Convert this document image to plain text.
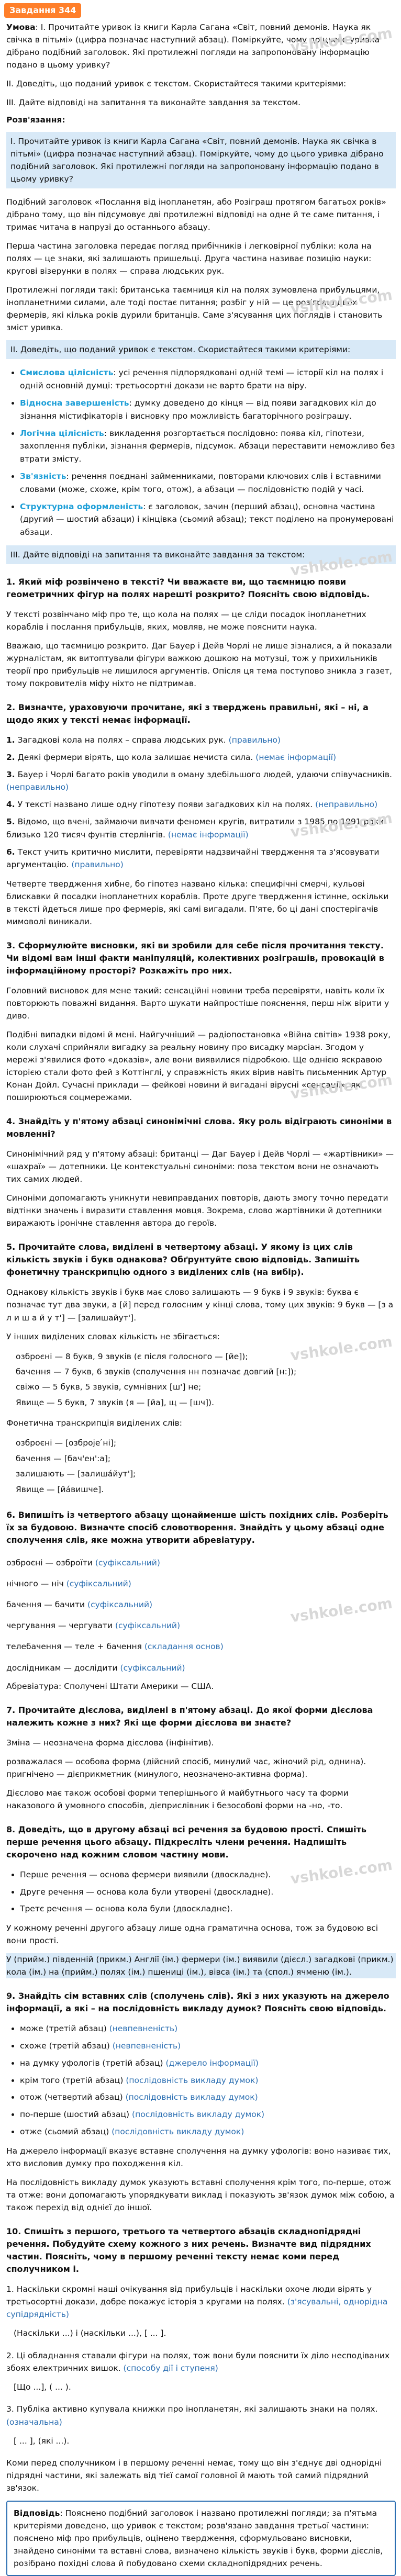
Завдання 344
vshkole.com
vshkole.com
vshkole.com
vshkole.com
vshkole.com
vshkole.com
vshkole.com
vshkole.com

Умова: І. Прочитайте уривок із книги Карла Сагана «Світ, повний демонів. Наука як свічка в пітьмі» (цифра позначає наступний абзац). Поміркуйте, чому до цього уривка дібрано подібний заголовок. Які протилежні погляди на запропоновану інформацію подано в цьому уривку?

ІІ. Доведіть, що поданий уривок є текстом. Скористайтеся такими критеріями:

ІІІ. Дайте відповіді на запитання та виконайте завдання за текстом.

Розв'язання:
І. Прочитайте уривок із книги Карла Сагана «Світ, повний демонів. Наука як свічка в пітьмі» (цифра позначає наступний абзац). Поміркуйте, чому до цього уривка дібрано подібний заголовок. Які протилежні погляди на запропоновану інформацію подано в цьому уривку?

Подібний заголовок «Послання від інопланетян, або Розіграш протягом багатьох років» дібрано тому, що він підсумовує дві протилежні відповіді на одне й те саме питання, і тримає читача в напрузі до останнього абзацу.

Перша частина заголовка передає погляд прибічників і легковірної публіки: кола на полях — це знаки, які залишають пришельці. Друга частина називає позицію науки: кругові візерунки в полях — справа людських рук.

Протилежні погляди такі: британська таємниця кіл на полях зумовлена прибульцями, інопланетними силами, але тоді постає питання; розбіг у ній — це розіграш двох фермерів, які кілька років дурили британців. Саме з'ясування цих поглядів і становить зміст уривка.

ІІ. Доведіть, що поданий уривок є текстом. Скористайтеся такими критеріями:
• Смислова цілісність: усі речення підпорядковані одній темі — історії кіл на полях і одній основній думці: третьосортні докази не варто брати на віру.
• Відносна завершеність: думку доведено до кінця — від появи загадкових кіл до зізнання містифікаторів і висновку про можливість багаторічного розіграшу.
• Логічна цілісність: викладення розгортається послідовно: поява кіл, гіпотези, захоплення публіки, зізнання фермерів, підсумок. Абзаци переставити неможливо без втрати змісту.
• Зв'язність: речення поєднані займенниками, повторами ключових слів і вставними словами (можe, схоже, крім того, отож), а абзаци — послідовністю подій у часі.
• Структурна оформленість: є заголовок, зачин (перший абзац), основна частина (другий — шостий абзаци) і кінцівка (сьомий абзац); текст поділено на пронумеровані абзаци.
ІІІ. Дайте відповіді на запитання та виконайте завдання за текстом:
1. Який міф розвінчено в тексті? Чи вважаєте ви, що таємницю появи геометричних фігур на полях нарешті розкрито? Поясніть свою відповідь.

У тексті розвінчано міф про те, що кола на полях — це сліди посадок інопланетних кораблів і послання прибульців, яких, мовляв, не може пояснити наука.

Вважаю, що таємницю розкрито. Даг Бауер і Дейв Чорлі не лише зізналися, а й показали журналістам, як витоптували фігури важкою дошкою на мотузці, тож у прихильників теорії про прибульців не лишилося аргументів. Опісля ця тема поступово зникла з газет, тому покровителів міфу ніхто не підтримав.

2. Визначте, ураховуючи прочитане, які з тверджень правильні, які – ні, а щодо яких у тексті немає інформації.
1. Загадкові кола на полях – справа людських рук. (правильно)
2. Деякі фермери вірять, що кола залишає нечиста сила. (немає інформації)
3. Бауер і Чорлі багато років уводили в оману здебільшого людей, удаючи співучасників. (неправильно)
4. У тексті названо лише одну гіпотезу появи загадкових кіл на полях. (неправильно)
5. Відомо, що вчені, займаючи вивчати феномен кругів, витратили з 1985 по 1991 роки близько 120 тисяч фунтів стерлінгів. (немає інформації)
6. Текст учить критично мислити, перевіряти надзвичайні твердження та з'ясовувати аргументацію. (правильно)

Четверте твердження хибне, бо гіпотез названо кілька: специфічні смерчі, кульові блискавки й посадки інопланетних кораблів. Проте друге твердження істинне, оскільки в тексті йдеться лише про фермерів, які самі вигадали. П'яте, бо ці дані спостерігачів мимоволі виникали.

3. Сформулюйте висновки, які ви зробили для себе після прочитання тексту. Чи відомі вам інші факти маніпуляцій, колективних розіграшів, провокацій в інформаційному просторі? Розкажіть про них.

Головний висновок для мене такий: сенсаційні новини треба перевіряти, навіть коли їх повторюють поважні видання. Варто шукати найпростіше пояснення, перш ніж вірити у диво.

Подібні випадки відомі й мені. Найгучніший — радіопостановка «Війна світів» 1938 року, коли слухачі сприйняли вигадку за реальну новину про висадку марсіан. Згодом у мережі з'явилися фото «доказів», але вони виявилися підробкою. Ще однією яскравою історією стали фото фей з Коттінглі, у справжність яких вірив навіть письменник Артур Конан Дойл. Сучасні приклади — фейкові новини й вигадані вірусні «сенсації», які поширюються соцмережами.

4. Знайдіть у п'ятому абзаці синонімічні слова. Яку роль відіграють синоніми в мовленні?

Синонімічний ряд у п'ятому абзаці: британці — Даг Бауер і Дейв Чорлі — «жартівники» — «шахраї» — дотепники. Це контекстуальні синоніми: поза текстом вони не означають тих самих людей.

Синоніми допомагають уникнути невиправданих повторів, дають змогу точно передати відтінки значень і виразити ставлення мовця. Зокрема, слово жартівники й дотепники виражають іронічне ставлення автора до героїв.

5. Прочитайте слова, виділені в четвертому абзаці. У якому із цих слів кількість звуків і букв однакова? Обґрунтуйте свою відповідь. Запишіть фонетичну транскрипцію одного з виділених слів (на вибір).

Однакову кількість звуків і букв має слово залишають — 9 букв і 9 звуків: буква є позначає тут два звуки, а [й] перед голосним у кінці слова, тому цих звуків: 9 букв — [з а л и ш а й у т'] — [залишайут'].

У інших виділених словах кількість не збігається:

озброєні — 8 букв, 9 звуків (є після голосного — [йе]);
бачення — 7 букв, 6 звуків (сполучення нн позначає довгий [н:]);
свіжо — 5 букв, 5 звуків, сумнівних [ш'] не;
Явище — 5 букв, 7 звуків (я — [йа], щ — [шч]).

Фонетична транскрипція виділених слів:

озброєні — [озброје ́ні];
бачення — [бач'ен':а];
залишають — [залиша́йут'];
Явище — [йа́вишче].
6. Випишіть із четвертого абзацу щонайменше шість похідних слів. Розберіть їх за будовою. Визначте спосіб словотворення. Знайдіть у цьому абзаці одне сполучення слів, яке можна утворити абревіатуру.
озброєні — озброїти (суфіксальний)
нічного — ніч (суфіксальний)
бачення — бачити (суфіксальний)
чергування — чергувати (суфіксальний)
телебачення — теле + бачення (складання основ)
дослідникам — дослідити (суфіксальний)

Абревіатура: Сполучені Штати Америки — США.

7. Прочитайте дієслова, виділені в п'ятому абзаці. До якої форми дієслова належить кожне з них? Які ще форми дієслова ви знаєте?

Зміна — неозначена форма дієслова (інфінітив).

розважалася — особова форма (дійсний спосіб, минулий час, жіночий рід, однина). пригнічено — дієприкметник (минулого, неозначено-активна форма).

Дієслово має також особові форми теперішнього й майбутнього часу та форми наказового й умовного способів, дієприслівник і безособові форми на -но, -то.

8. Доведіть, що в другому абзаці всі речення за будовою прості. Спишіть перше речення цього абзацу. Підкресліть члени речення. Надпишіть скорочено над кожним словом частину мови.
• Перше речення — основа фермери виявили (двоскладне).
• Друге речення — основа кола були утворені (двоскладне).
• Третє речення — основа кола були (двоскладне).

У кожному реченні другого абзацу лише одна граматична основа, тож за будовою всі вони прості.

У (прийм.) південній (прикм.) Англії (ім.) фермери (ім.) виявили (дієсл.) загадкові (прикм.) кола (ім.) на (прийм.) полях (ім.) пшениці (ім.), вівса (ім.) та (спол.) ячменю (ім.).

9. Знайдіть сім вставних слів (сполучень слів). Які з них указують на джерело інформації, а які – на послідовність викладу думок? Поясніть свою відповідь.
• можe (третій абзац) (невпевненість)
• схоже (третій абзац) (невпевненість)
• на думку уфологів (третій абзац) (джерело інформації)
• крім того (третій абзац) (послідовність викладу думок)
• отож (четвертий абзац) (послідовність викладу думок)
• по-перше (шостий абзац) (послідовність викладу думок)
• отже (сьомий абзац) (послідовність викладу думок)

На джерело інформації вказує вставне сполучення на думку уфологів: воно називає тих, хто висловив думку про походження кіл.

На послідовність викладу думок указують вставні сполучення крім того, по-перше, отож та отже: вони допомагають упорядкувати виклад і показують зв'язок думок між собою, а також перехід від однієї до іншої.

10. Спишіть з першого, третього та четвертого абзаців складнопідрядні речення. Побудуйте схему кожного з них речень. Визначте вид підрядних частин. Поясніть, чому в першому реченні тексту немає коми перед сполучником і.

1. Наскільки скромні наші очікування від прибульців і наскільки охоче люди вірять у третьосортні докази, добре покажує історія з кругами на полях. (з'ясувальні, однорідна супідрядність)

(Наскільки ...) і (наскільки ...), [ ... ].

2. Ці обладнання ставали фігури на полях, тож вони були пояснити їх діло несподіваних збоях електричних вишок. (способу дії і ступеня)

[Що ...], ( ... ).

3. Публіка активно купувала книжки про інопланетян, які залишають знаки на полях. (означальна)

[ ... ], (які ...).

Коми перед сполучником і в першому реченні немає, тому що він з'єднує дві однорідні підрядні частини, які залежать від тієї самої головної й мають той самий підрядний зв'язок.

Відповідь: Поясненo подібний заголовок і названо протилежні погляди; за п'ятьма критеріями доведено, що уривок є текстом; розв'язано завдання третьої частини: пояснено міф про прибульців, оцінено твердження, сформульовано висновки, знайдено синоніми та вставні слова, визначено кількість звуків і букв, форми дієслів, розібрано похідні слова й побудовано схеми складнопідрядних речень.
